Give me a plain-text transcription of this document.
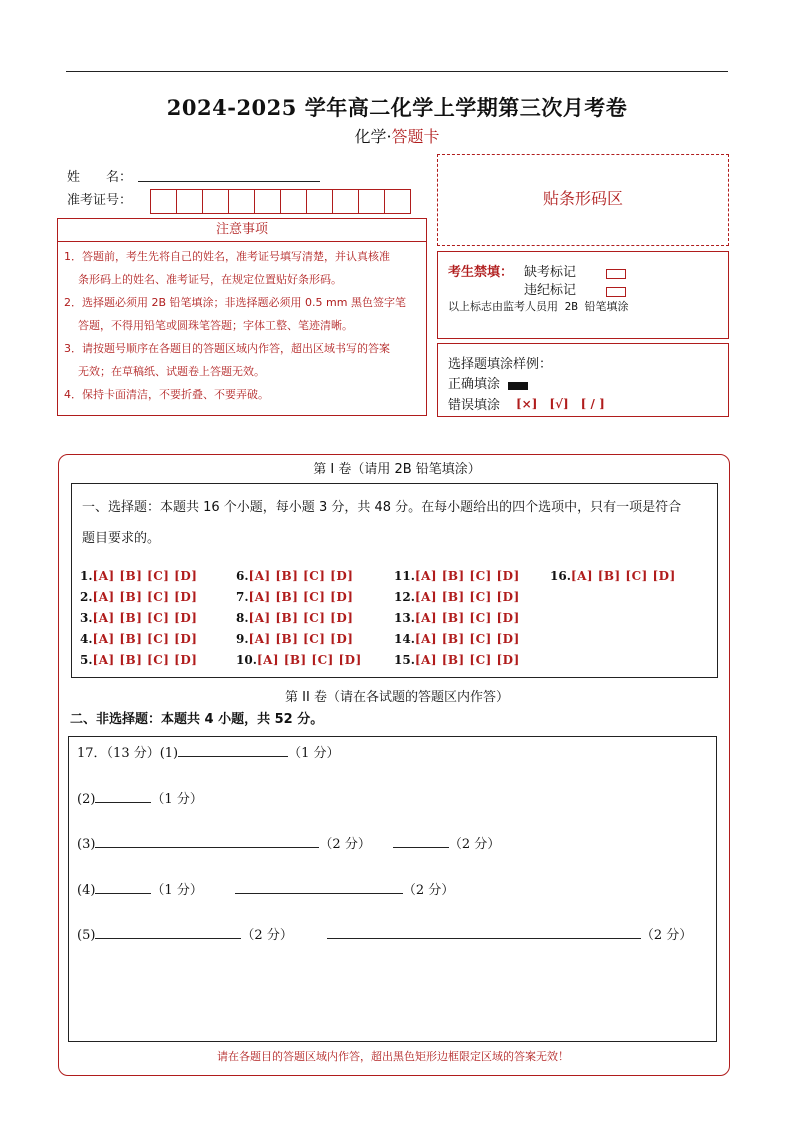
2024-2025 学年高二化学上学期第三次月考卷
化学·答题卡
姓　　名：
准考证号：
注意事项
1．答题前，考生先将自己的姓名，准考证号填写清楚，并认真核准
条形码上的姓名、准考证号，在规定位置贴好条形码。
2．选择题必须用 2B 铅笔填涂；非选择题必须用 0.5 mm 黑色签字笔
答题，不得用铅笔或圆珠笔答题；字体工整、笔迹清晰。
3．请按题号顺序在各题目的答题区域内作答，超出区域书写的答案
无效；在草稿纸、试题卷上答题无效。
4．保持卡面清洁，不要折叠、不要弄破。
贴条形码区
考生禁填： 缺考标记
违纪标记
以上标志由监考人员用 2B 铅笔填涂
选择题填涂样例：
正确填涂
错误填涂 [×]　[√]　[ / ]
第 I 卷（请用 2B 铅笔填涂）
一、选择题：本题共 16 个小题，每小题 3 分，共 48 分。在每小题给出的四个选项中，只有一项是符合
题目要求的。
1.[A] [B] [C] [D]
2.[A] [B] [C] [D]
3.[A] [B] [C] [D]
4.[A] [B] [C] [D]
5.[A] [B] [C] [D]
6.[A] [B] [C] [D]
7.[A] [B] [C] [D]
8.[A] [B] [C] [D]
9.[A] [B] [C] [D]
10.[A] [B] [C] [D]
11.[A] [B] [C] [D]
12.[A] [B] [C] [D]
13.[A] [B] [C] [D]
14.[A] [B] [C] [D]
15.[A] [B] [C] [D]
16.[A] [B] [C] [D]
第 II 卷（请在各试题的答题区内作答）
二、非选择题：本题共 4 小题，共 52 分。
17．（13 分）(1)	（1 分）
(2)	（1 分）
(3)	（2 分）	（2 分）
(4)	（1 分）	（2 分）
(5)	（2 分）	（2 分）
请在各题目的答题区域内作答，超出黑色矩形边框限定区域的答案无效！
